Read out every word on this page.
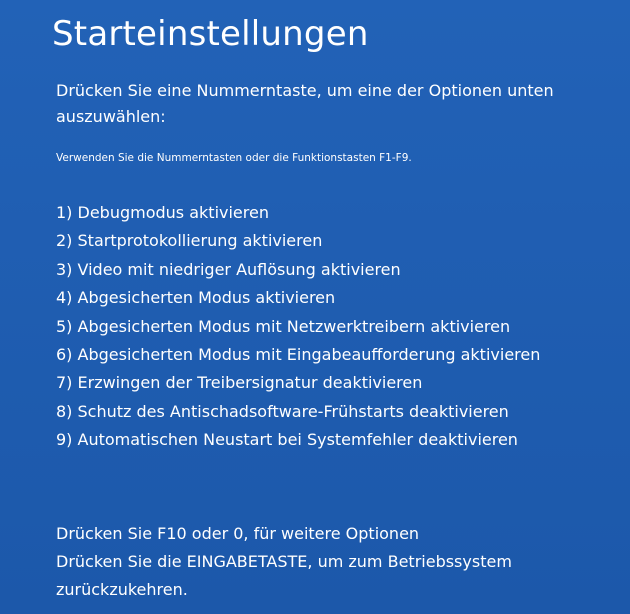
Starteinstellungen

Drücken Sie eine Nummerntaste, um eine der Optionen unten auszuwählen:

Verwenden Sie die Nummerntasten oder die Funktionstasten F1-F9.

1) Debugmodus aktivieren
2) Startprotokollierung aktivieren
3) Video mit niedriger Auflösung aktivieren
4) Abgesicherten Modus aktivieren
5) Abgesicherten Modus mit Netzwerktreibern aktivieren
6) Abgesicherten Modus mit Eingabeaufforderung aktivieren
7) Erzwingen der Treibersignatur deaktivieren
8) Schutz des Antischadsoftware-Frühstarts deaktivieren
9) Automatischen Neustart bei Systemfehler deaktivieren
Drücken Sie F10 oder 0, für weitere Optionen
Drücken Sie die EINGABETASTE, um zum Betriebssystem zurückzukehren.
